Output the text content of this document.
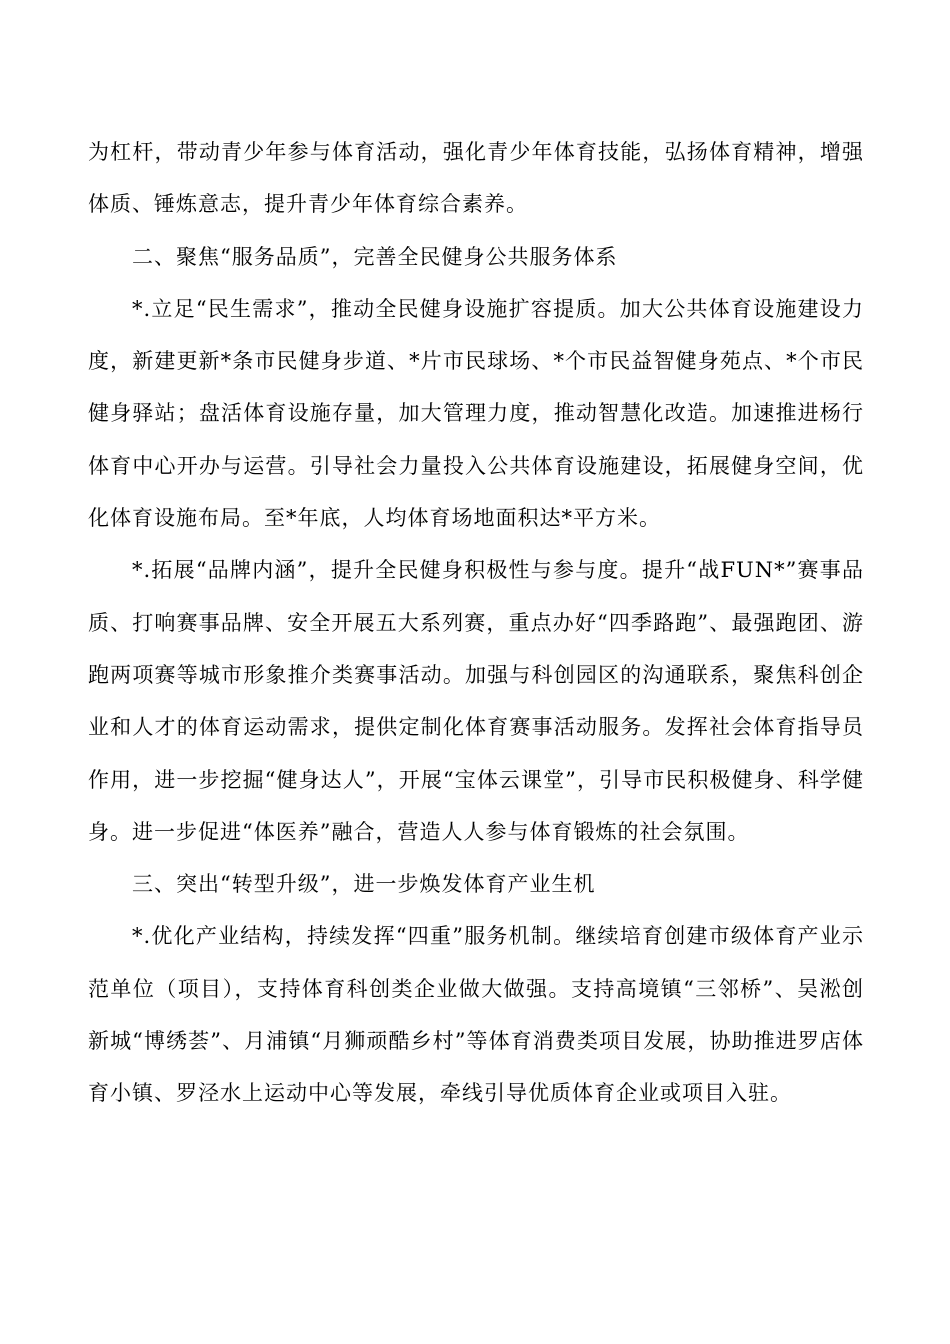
为杠杆，带动青少年参与体育活动，强化青少年体育技能，弘扬体育精神，增强体质、锤炼意志，提升青少年体育综合素养。

二、聚焦“服务品质”，完善全民健身公共服务体系

*.立足“民生需求”，推动全民健身设施扩容提质。加大公共体育设施建设力度，新建更新*条市民健身步道、*片市民球场、*个市民益智健身苑点、*个市民健身驿站；盘活体育设施存量，加大管理力度，推动智慧化改造。加速推进杨行体育中心开办与运营。引导社会力量投入公共体育设施建设，拓展健身空间，优化体育设施布局。至*年底，人均体育场地面积达*平方米。

*.拓展“品牌内涵”，提升全民健身积极性与参与度。提升“战FUN*”赛事品质、打响赛事品牌、安全开展五大系列赛，重点办好“四季路跑”、最强跑团、游跑两项赛等城市形象推介类赛事活动。加强与科创园区的沟通联系，聚焦科创企业和人才的体育运动需求，提供定制化体育赛事活动服务。发挥社会体育指导员作用，进一步挖掘“健身达人”，开展“宝体云课堂”，引导市民积极健身、科学健身。进一步促进“体医养”融合，营造人人参与体育锻炼的社会氛围。

三、突出“转型升级”，进一步焕发体育产业生机

*.优化产业结构，持续发挥“四重”服务机制。继续培育创建市级体育产业示范单位（项目），支持体育科创类企业做大做强。支持高境镇“三邻桥”、吴淞创新城“博绣荟”、月浦镇“月狮顽酷乡村”等体育消费类项目发展，协助推进罗店体育小镇、罗泾水上运动中心等发展，牵线引导优质体育企业或项目入驻。
